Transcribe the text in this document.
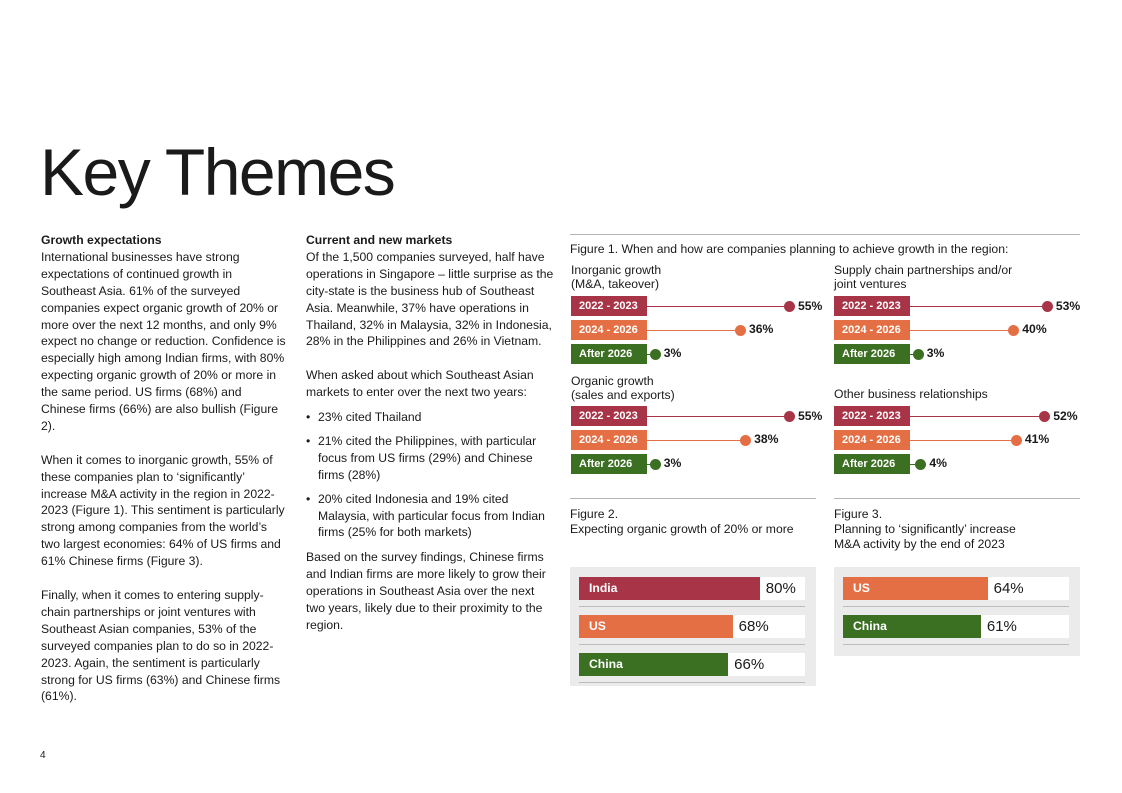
Key Themes
Growth expectations

International businesses have strong expectations of continued growth in Southeast Asia. 61% of the surveyed companies expect organic growth of 20% or more over the next 12 months, and only 9% expect no change or reduction. Confidence is especially high among Indian firms, with 80% expecting organic growth of 20% or more in the same period. US firms (68%) and Chinese firms (66%) are also bullish (Figure 2).

When it comes to inorganic growth, 55% of these companies plan to ‘significantly’ increase M&A activity in the region in 2022-2023 (Figure 1). This sentiment is particularly strong among companies from the world’s two largest economies: 64% of US firms and 61% Chinese firms (Figure 3).

Finally, when it comes to entering supply-chain partnerships or joint ventures with Southeast Asian companies, 53% of the surveyed companies plan to do so in 2022-2023. Again, the sentiment is particularly strong for US firms (63%) and Chinese firms (61%).

Current and new markets

Of the 1,500 companies surveyed, half have operations in Singapore – little surprise as the city-state is the business hub of Southeast Asia. Meanwhile, 37% have operations in Thailand, 32% in Malaysia, 32% in Indonesia, 28% in the Philippines and 26% in Vietnam.

When asked about which Southeast Asian markets to enter over the next two years:

• 23% cited Thailand
• 21% cited the Philippines, with particular focus from US firms (29%) and Chinese firms (28%)
• 20% cited Indonesia and 19% cited Malaysia, with particular focus from Indian firms (25% for both markets)

Based on the survey findings, Chinese firms and Indian firms are more likely to grow their operations in Southeast Asia over the next two years, likely due to their proximity to the region.

Figure 1. When and how are companies planning to achieve growth in the region:
Inorganic growth
(M&A, takeover)
Supply chain partnerships and/or
joint ventures
Organic growth
(sales and exports)	Other business relationships
2022 - 2023	55%
2024 - 2026	36%
After 2026	3%
2022 - 2023	53%
2024 - 2026	40%
After 2026	3%
2022 - 2023	55%
2024 - 2026	38%
After 2026	3%
2022 - 2023	52%
2024 - 2026	41%
After 2026	4%
Figure 2.
Expecting organic growth of 20% or more
India	80%
US	68%
China	66%
Figure 3.
Planning to ‘significantly’ increase
M&A activity by the end of 2023
US	64%
China	61%
4
